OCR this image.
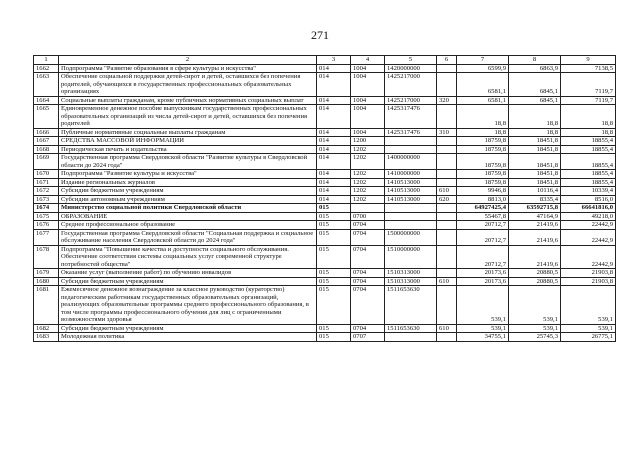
271
1	2	3	4	5	6	7	8	9
1662	Подпрограмма "Развитие образования в сфере культуры и искусства"	014	1004	1420000000		6599,9	6863,9	7138,5
1663	Обеспечение социальной поддержки детей-сирот и детей, оставшихся без попечения родителей, обучающихся в государственных профессиональных образовательных организациях	014	1004	1425217000		6581,1	6845,1	7119,7
1664	Социальные выплаты гражданам, кроме публичных нормативных социальных выплат	014	1004	1425217000	320	6581,1	6845,1	7119,7
1665	Единовременное денежное пособие выпускникам государственных профессиональных образовательных организаций из числа детей-сирот и детей, оставшихся без попечения родителей	014	1004	1425317476		18,8	18,8	18,8
1666	Публичные нормативные социальные выплаты гражданам	014	1004	1425317476	310	18,8	18,8	18,8
1667	СРЕДСТВА МАССОВОЙ ИНФОРМАЦИИ	014	1200			18759,8	18451,8	18855,4
1668	Периодическая печать и издательства	014	1202			18759,8	18451,8	18855,4
1669	Государственная программа Свердловской области "Развитие культуры в Свердловской области до 2024 года"	014	1202	1400000000		18759,8	18451,8	18855,4
1670	Подпрограмма "Развитие культуры и искусства"	014	1202	1410000000		18759,8	18451,8	18855,4
1671	Издание региональных журналов	014	1202	1410513000		18759,8	18451,8	18855,4
1672	Субсидии бюджетным учреждениям	014	1202	1410513000	610	9946,8	10116,4	10339,4
1673	Субсидии автономным учреждениям	014	1202	1410513000	620	8813,0	8335,4	8516,0
1674	Министерство социальной политики Свердловской области	015				64927425,4	63592715,8	66641816,0
1675	ОБРАЗОВАНИЕ	015	0700			55467,8	47164,9	49218,0
1676	Среднее профессиональное образование	015	0704			20712,7	21419,6	22442,9
1677	Государственная программа Свердловской области "Социальная поддержка и социальное обслуживание населения Свердловской области до 2024 года"	015	0704	1500000000		20712,7	21419,6	22442,9
1678	Подпрограмма "Повышение качества и доступности социального обслуживания. Обеспечение соответствия системы социальных услуг современной структуре потребностей общества"	015	0704	1510000000		20712,7	21419,6	22442,9
1679	Оказание услуг (выполнение работ) по обучению инвалидов	015	0704	1510313000		20173,6	20880,5	21903,8
1680	Субсидии бюджетным учреждениям	015	0704	1510313000	610	20173,6	20880,5	21903,8
1681	Ежемесячное денежное вознаграждение за классное руководство (кураторство) педагогическим работникам государственных образовательных организаций, реализующих образовательные программы среднего профессионального образования, в том числе программы профессионального обучения для лиц с ограниченными возможностями здоровья	015	0704	1511653630		539,1	539,1	539,1
1682	Субсидии бюджетным учреждениям	015	0704	1511653630	610	539,1	539,1	539,1
1683	Молодежная политика	015	0707			34755,1	25745,3	26775,1
